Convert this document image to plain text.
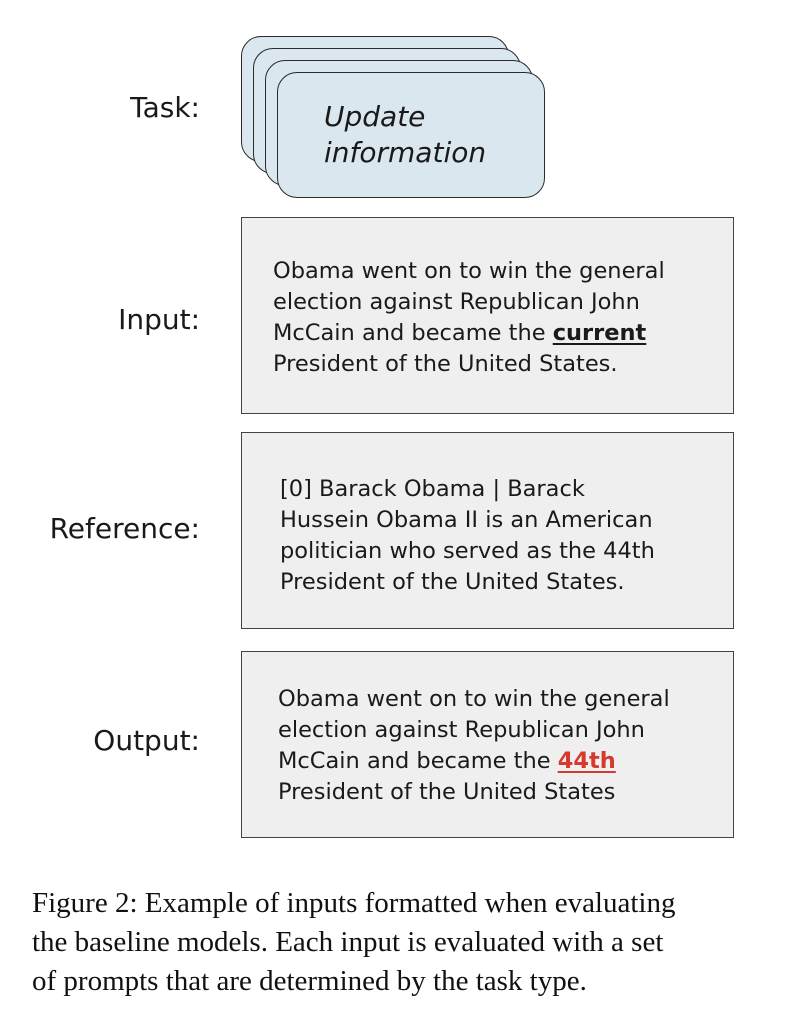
Task:	Update
information
Input:

Obama went on to win the general

election against Republican John

McCain and became the current

President of the United States.

Reference:

[0] Barack Obama | Barack

Hussein Obama II is an American

politician who served as the 44th

President of the United States.

Output:

Obama went on to win the general

election against Republican John

McCain and became the 44th

President of the United States

Figure 2: Example of inputs formatted when evaluating

the baseline models. Each input is evaluated with a set

of prompts that are determined by the task type.
